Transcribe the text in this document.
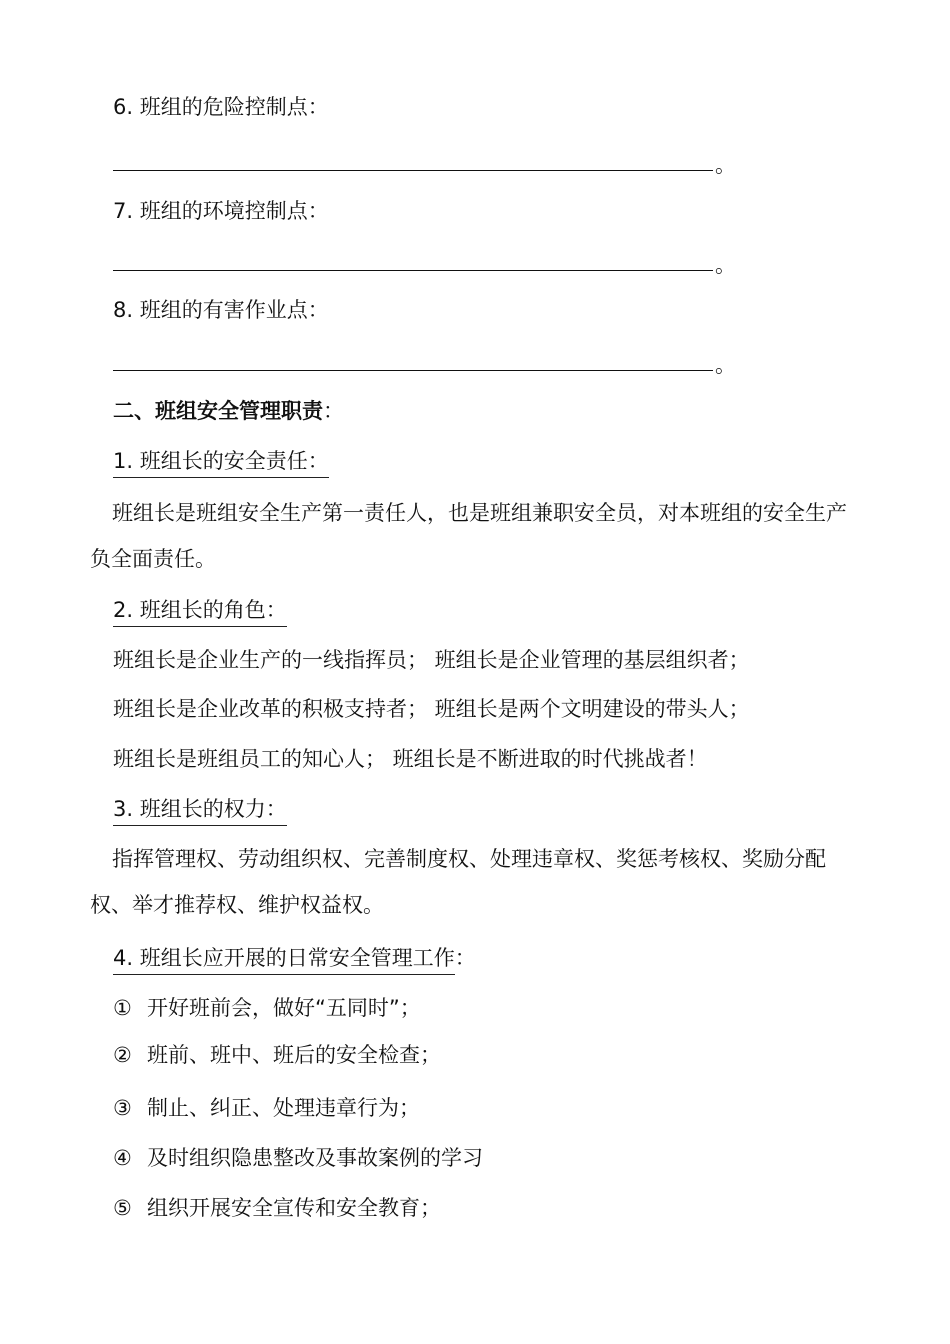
6. 班组的危险控制点：
。
7. 班组的环境控制点：
。
8. 班组的有害作业点：
。
二、班组安全管理职责：
1. 班组长的安全责任：
班组长是班组安全生产第一责任人，也是班组兼职安全员，对本班组的安全生产负全面责任。
2. 班组长的角色：
班组长是企业生产的一线指挥员； 班组长是企业管理的基层组织者；
班组长是企业改革的积极支持者； 班组长是两个文明建设的带头人；
班组长是班组员工的知心人； 班组长是不断进取的时代挑战者！
3. 班组长的权力：
指挥管理权、劳动组织权、完善制度权、处理违章权、奖惩考核权、奖励分配权、举才推荐权、维护权益权。
4. 班组长应开展的日常安全管理工作：
① 开好班前会，做好“五同时”；
② 班前、班中、班后的安全检查；
③ 制止、纠正、处理违章行为；
④ 及时组织隐患整改及事故案例的学习
⑤ 组织开展安全宣传和安全教育；
